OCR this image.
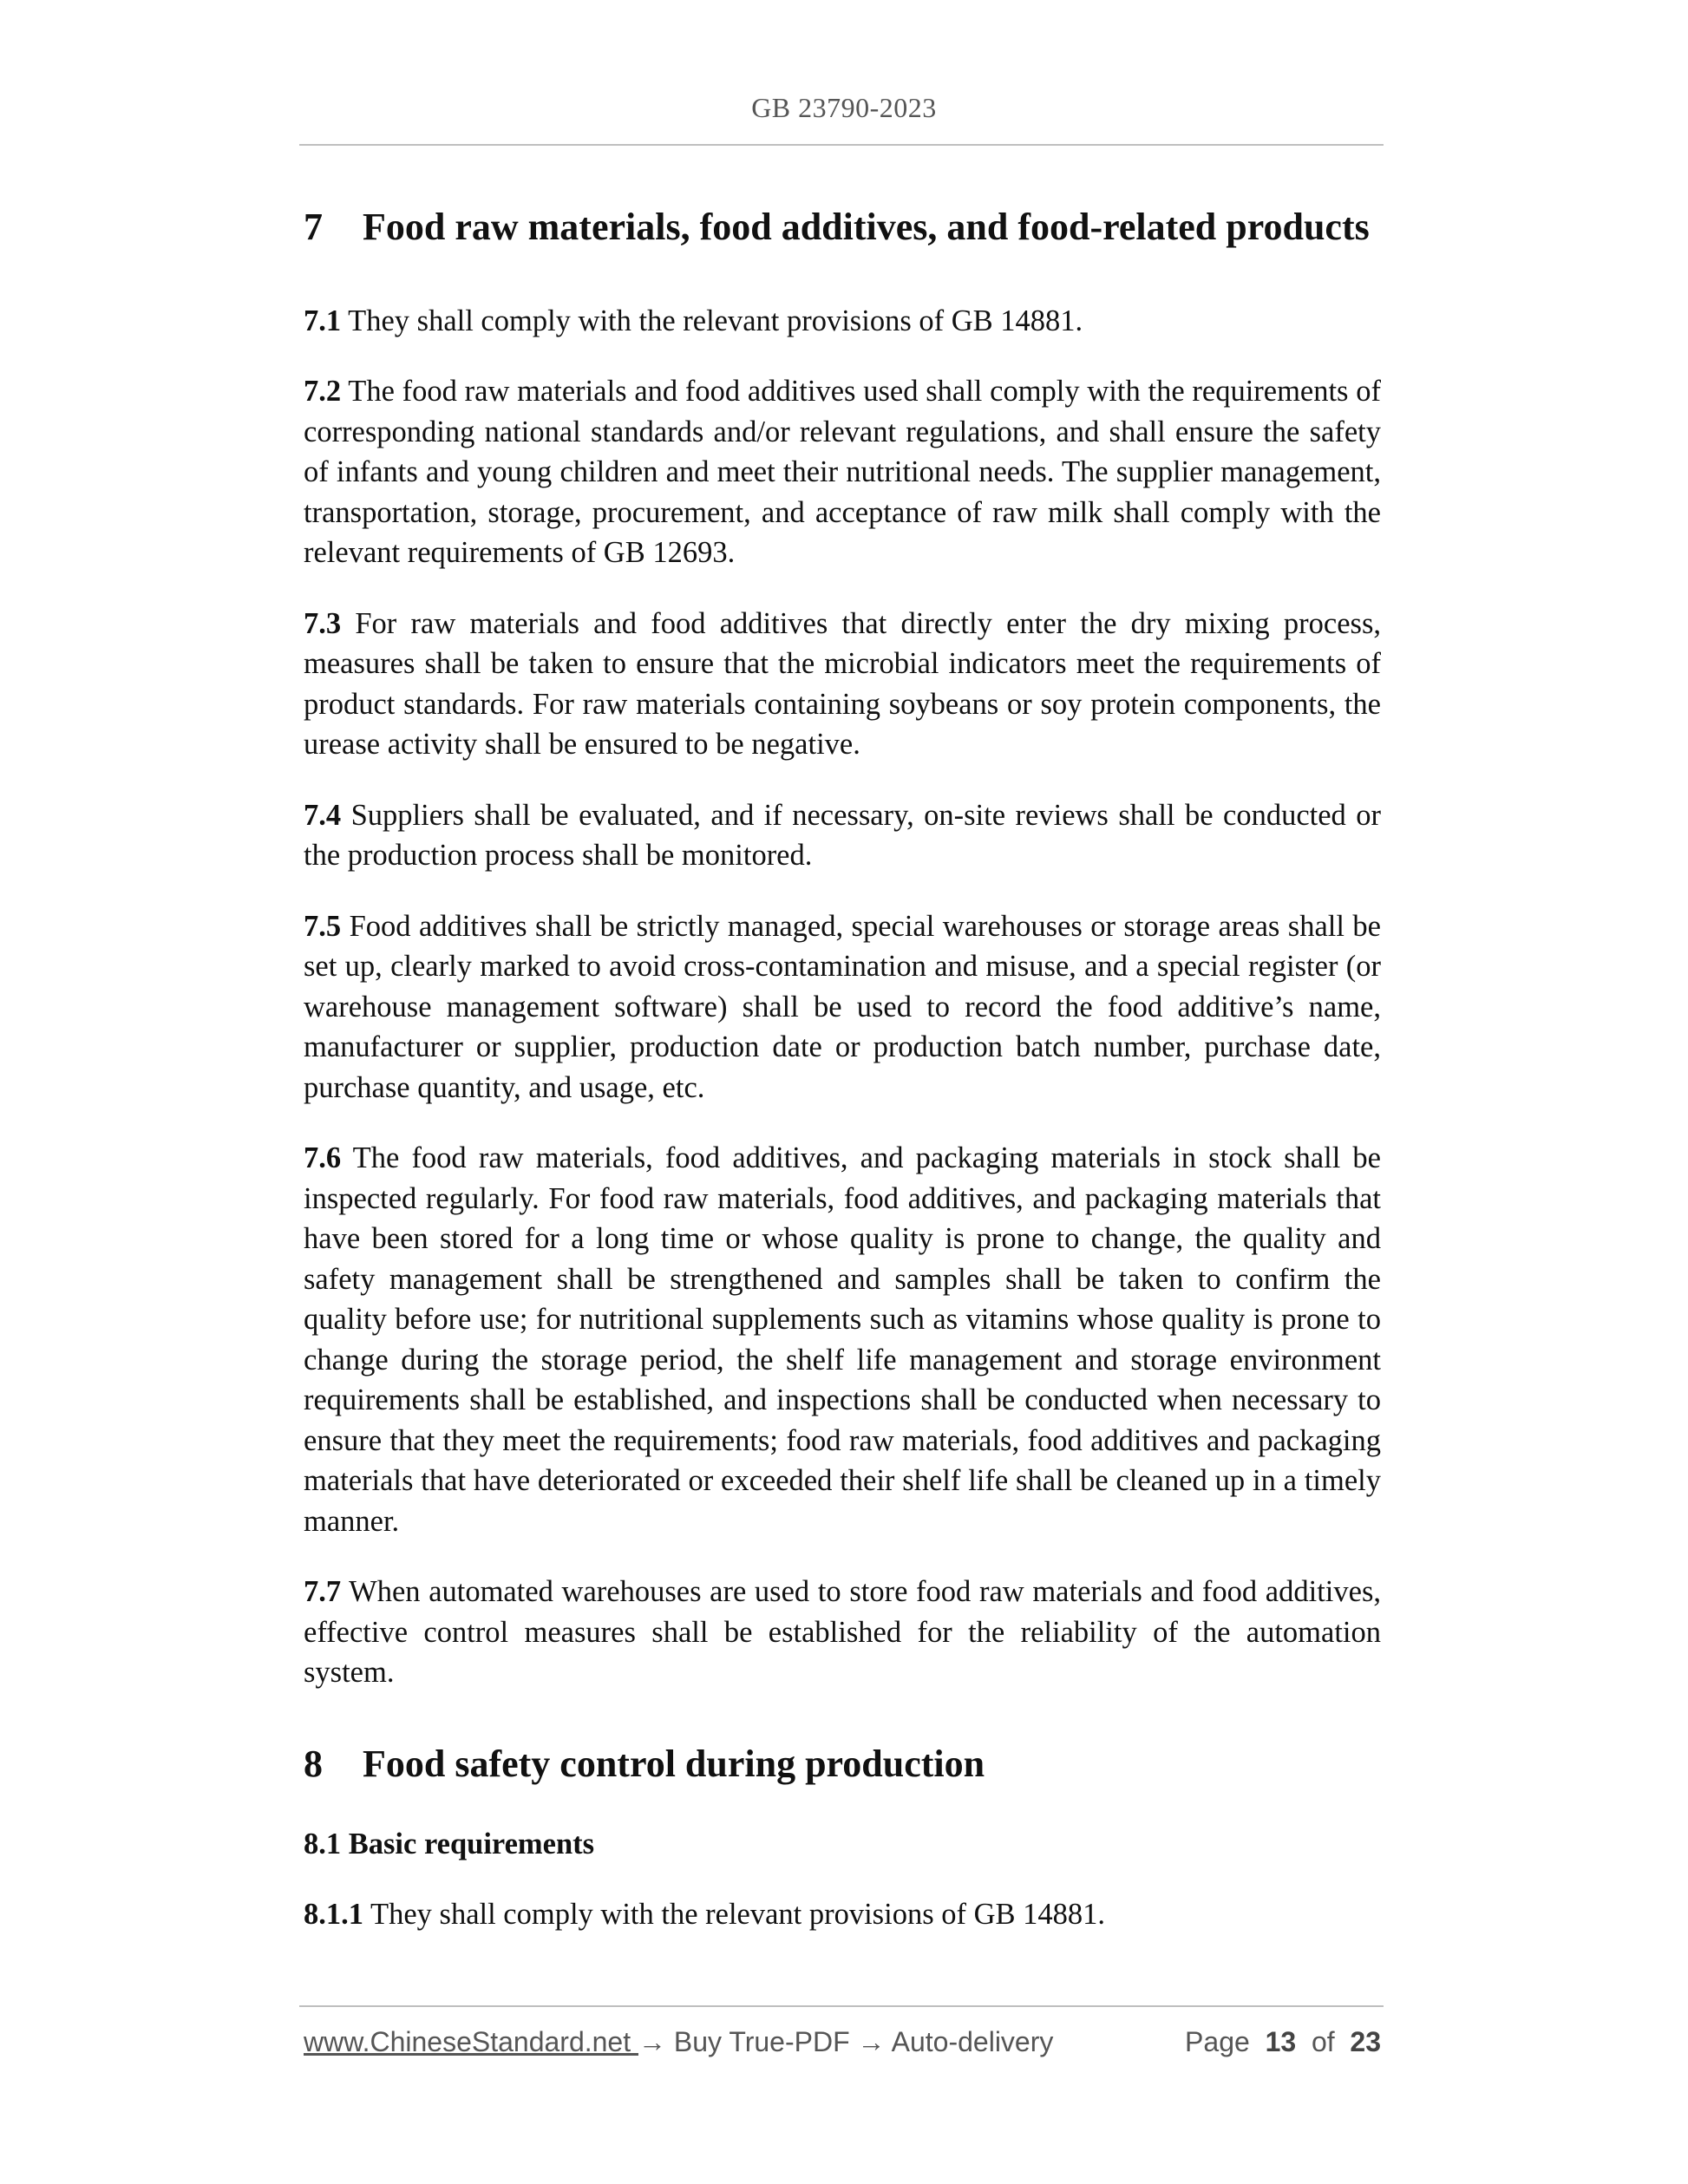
GB 23790-2023
7 Food raw materials, food additives, and food-related products

7.1 They shall comply with the relevant provisions of GB 14881.

7.2 The food raw materials and food additives used shall comply with the requirements of corresponding national standards and/or relevant regulations, and shall ensure the safety of infants and young children and meet their nutritional needs. The supplier management, transportation, storage, procurement, and acceptance of raw milk shall comply with the relevant requirements of GB 12693.

7.3 For raw materials and food additives that directly enter the dry mixing process, measures shall be taken to ensure that the microbial indicators meet the requirements of product standards. For raw materials containing soybeans or soy protein components, the urease activity shall be ensured to be negative.

7.4 Suppliers shall be evaluated, and if necessary, on-site reviews shall be conducted or the production process shall be monitored.

7.5 Food additives shall be strictly managed, special warehouses or storage areas shall be set up, clearly marked to avoid cross-contamination and misuse, and a special register (or warehouse management software) shall be used to record the food additive’s name, manufacturer or supplier, production date or production batch number, purchase date, purchase quantity, and usage, etc.

7.6 The food raw materials, food additives, and packaging materials in stock shall be inspected regularly. For food raw materials, food additives, and packaging materials that have been stored for a long time or whose quality is prone to change, the quality and safety management shall be strengthened and samples shall be taken to confirm the quality before use; for nutritional supplements such as vitamins whose quality is prone to change during the storage period, the shelf life management and storage environment requirements shall be established, and inspections shall be conducted when necessary to ensure that they meet the requirements; food raw materials, food additives and packaging materials that have deteriorated or exceeded their shelf life shall be cleaned up in a timely manner.

7.7 When automated warehouses are used to store food raw materials and food additives, effective control measures shall be established for the reliability of the automation system.

8 Food safety control during production

8.1 Basic requirements

8.1.1 They shall comply with the relevant provisions of GB 14881.

www.ChineseStandard.net → Buy True-PDF → Auto-delivery	Page 13 of 23
